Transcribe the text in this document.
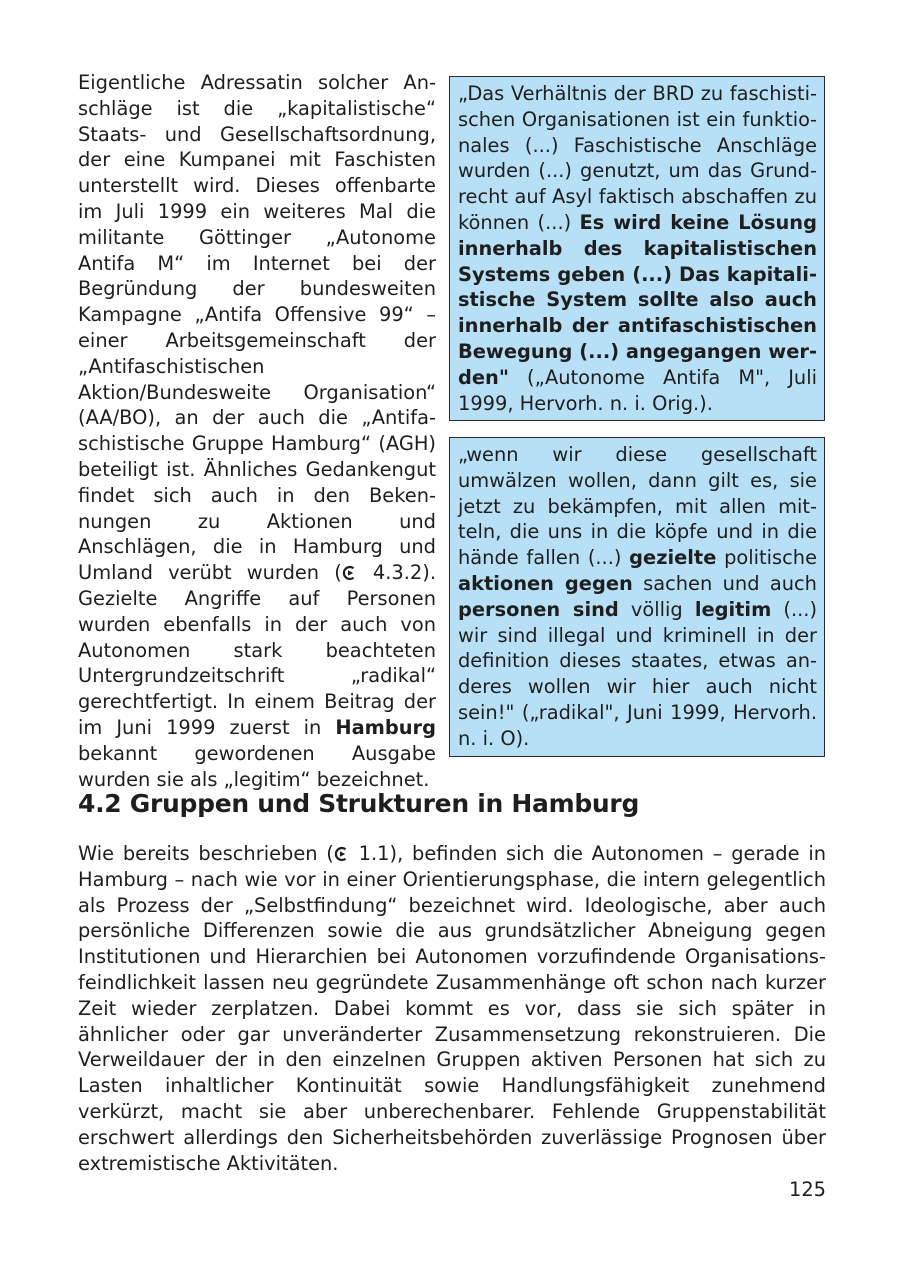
Eigentliche Adressatin solcher Anschläge ist die „kapitalistische“ Staats- und Gesellschaftsordnung, der eine Kumpanei mit Faschisten unterstellt wird. Dieses offenbarte im Juli 1999 ein weiteres Mal die militante Göttinger „Autonome Antifa M“ im Internet bei der Begründung der bundesweiten Kampagne „Antifa Offensive 99“ – einer Arbeitsgemeinschaft der „Antifaschistischen Aktion/Bundesweite Organisation“ (AA/BO), an der auch die „Antifaschistische Gruppe Hamburg“ (AGH) beteiligt ist. Ähnliches Gedankengut findet sich auch in den Bekennungen zu Aktionen und Anschlägen, die in Hamburg und Umland verübt wurden ( 4.3.2). Gezielte Angriffe auf Personen wurden ebenfalls in der auch von Autonomen stark beachteten Untergrundzeitschrift „radikal“ gerechtfertigt. In einem Beitrag der im Juni 1999 zuerst in Hamburg bekannt gewordenen Ausgabe wurden sie als „legitim“ bezeichnet.

„Das Verhältnis der BRD zu faschistischen Organisationen ist ein funktionales (...) Faschistische Anschläge wurden (...) genutzt, um das Grundrecht auf Asyl faktisch abschaffen zu können (...) Es wird keine Lösung innerhalb des kapitalistischen Systems geben (...) Das kapitalistische System sollte also auch innerhalb der antifaschistischen Bewegung (...) angegangen werden" („Autonome Antifa M", Juli 1999, Hervorh. n. i. Orig.).

„wenn wir diese gesellschaft umwälzen wollen, dann gilt es, sie jetzt zu bekämpfen, mit allen mitteln, die uns in die köpfe und in die hände fallen (...) gezielte politische aktionen gegen sachen und auch personen sind völlig legitim (...) wir sind illegal und kriminell in der definition dieses staates, etwas anderes wollen wir hier auch nicht sein!" („radikal", Juni 1999, Hervorh. n. i. O).

4.2 Gruppen und Strukturen in Hamburg

Wie bereits beschrieben ( 1.1), befinden sich die Autonomen – gerade in Hamburg – nach wie vor in einer Orientierungsphase, die intern gelegentlich als Prozess der „Selbstfindung“ bezeichnet wird. Ideologische, aber auch persönliche Differenzen sowie die aus grundsätzlicher Abneigung gegen Institutionen und Hierarchien bei Autonomen vorzufindende Organisationsfeindlichkeit lassen neu gegründete Zusammenhänge oft schon nach kurzer Zeit wieder zerplatzen. Dabei kommt es vor, dass sie sich später in ähnlicher oder gar unveränderter Zusammensetzung rekonstruieren. Die Verweildauer der in den einzelnen Gruppen aktiven Personen hat sich zu Lasten inhaltlicher Kontinuität sowie Handlungsfähigkeit zunehmend verkürzt, macht sie aber unberechenbarer. Fehlende Gruppenstabilität erschwert allerdings den Sicherheitsbehörden zuverlässige Prognosen über extremistische Aktivitäten.

125
